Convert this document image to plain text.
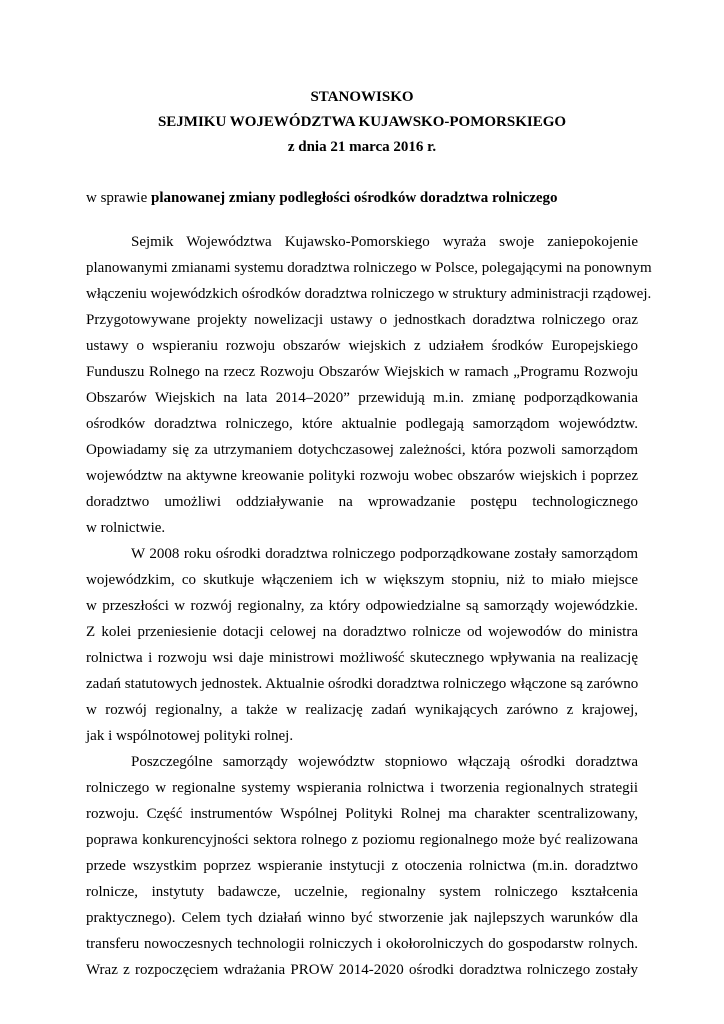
STANOWISKO
SEJMIKU WOJEWÓDZTWA KUJAWSKO-POMORSKIEGO
z dnia 21 marca 2016 r.
w sprawie planowanej zmiany podległości ośrodków doradztwa rolniczego
Sejmik Województwa Kujawsko-Pomorskiego wyraża swoje zaniepokojenie
planowanymi zmianami systemu doradztwa rolniczego w Polsce, polegającymi na ponownym
włączeniu wojewódzkich ośrodków doradztwa rolniczego w struktury administracji rządowej.
Przygotowywane projekty nowelizacji ustawy o jednostkach doradztwa rolniczego oraz
ustawy o wspieraniu rozwoju obszarów wiejskich z udziałem środków Europejskiego
Funduszu Rolnego na rzecz Rozwoju Obszarów Wiejskich w ramach „Programu Rozwoju
Obszarów Wiejskich na lata 2014–2020” przewidują m.in. zmianę podporządkowania
ośrodków doradztwa rolniczego, które aktualnie podlegają samorządom województw.
Opowiadamy się za utrzymaniem dotychczasowej zależności, która pozwoli samorządom
województw na aktywne kreowanie polityki rozwoju wobec obszarów wiejskich i poprzez
doradztwo umożliwi oddziaływanie na wprowadzanie postępu technologicznego
w rolnictwie.
W 2008 roku ośrodki doradztwa rolniczego podporządkowane zostały samorządom
wojewódzkim, co skutkuje włączeniem ich w większym stopniu, niż to miało miejsce
w przeszłości w rozwój regionalny, za który odpowiedzialne są samorządy wojewódzkie.
Z kolei przeniesienie dotacji celowej na doradztwo rolnicze od wojewodów do ministra
rolnictwa i rozwoju wsi daje ministrowi możliwość skutecznego wpływania na realizację
zadań statutowych jednostek. Aktualnie ośrodki doradztwa rolniczego włączone są zarówno
w rozwój regionalny, a także w realizację zadań wynikających zarówno z krajowej,
jak i wspólnotowej polityki rolnej.
Poszczególne samorządy województw stopniowo włączają ośrodki doradztwa
rolniczego w regionalne systemy wspierania rolnictwa i tworzenia regionalnych strategii
rozwoju. Część instrumentów Wspólnej Polityki Rolnej ma charakter scentralizowany,
poprawa konkurencyjności sektora rolnego z poziomu regionalnego może być realizowana
przede wszystkim poprzez wspieranie instytucji z otoczenia rolnictwa (m.in. doradztwo
rolnicze, instytuty badawcze, uczelnie, regionalny system rolniczego kształcenia
praktycznego). Celem tych działań winno być stworzenie jak najlepszych warunków dla
transferu nowoczesnych technologii rolniczych i okołorolniczych do gospodarstw rolnych.
Wraz z rozpoczęciem wdrażania PROW 2014-2020 ośrodki doradztwa rolniczego zostały
